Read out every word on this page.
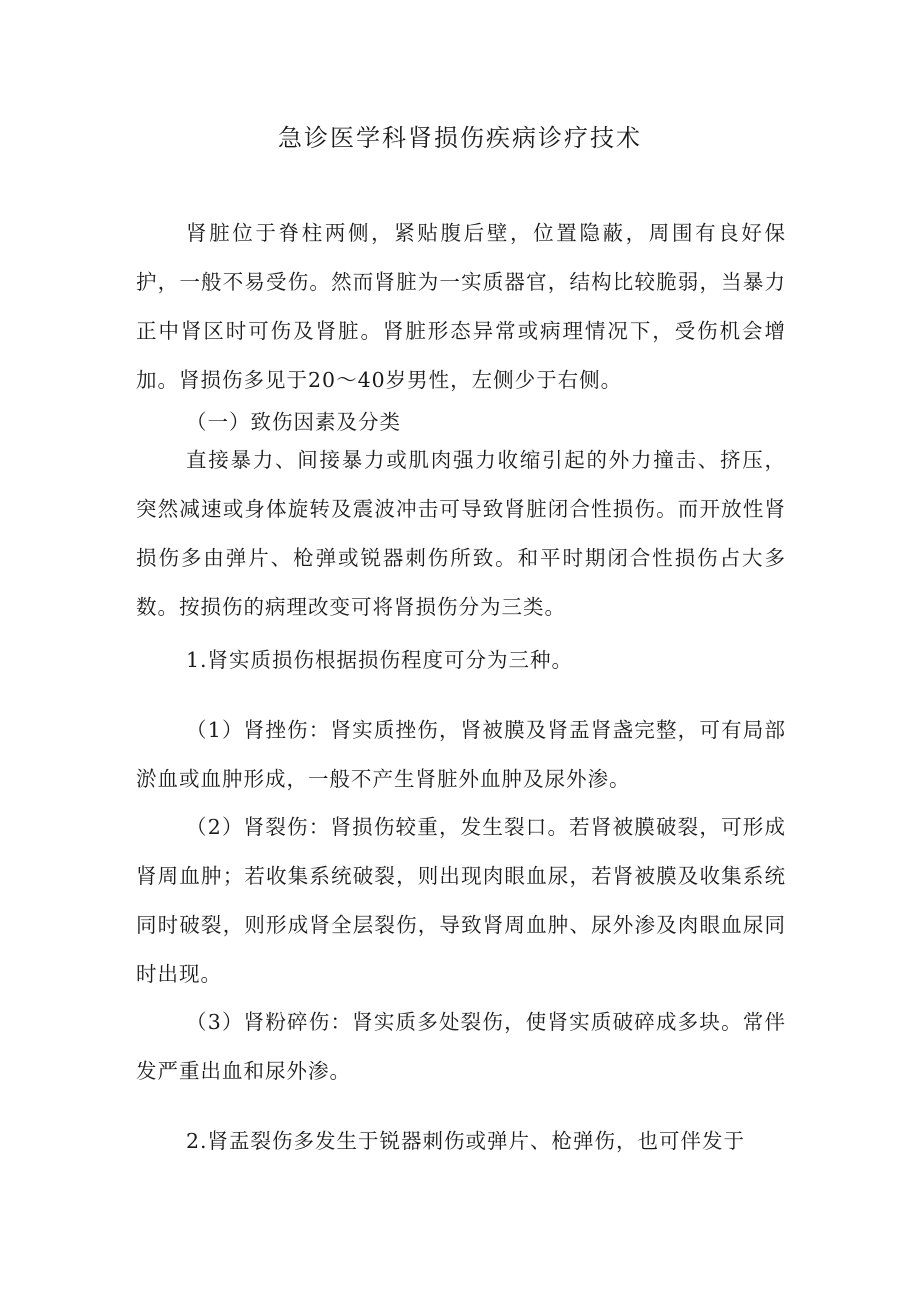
急诊医学科肾损伤疾病诊疗技术

肾脏位于脊柱两侧，紧贴腹后壁，位置隐蔽，周围有良好保护，一般不易受伤。然而肾脏为一实质器官，结构比较脆弱，当暴力正中肾区时可伤及肾脏。肾脏形态异常或病理情况下，受伤机会增加。肾损伤多见于20～40岁男性，左侧少于右侧。

（一）致伤因素及分类

直接暴力、间接暴力或肌肉强力收缩引起的外力撞击、挤压，突然减速或身体旋转及震波冲击可导致肾脏闭合性损伤。而开放性肾损伤多由弹片、枪弹或锐器刺伤所致。和平时期闭合性损伤占大多数。按损伤的病理改变可将肾损伤分为三类。

1.肾实质损伤根据损伤程度可分为三种。

（1）肾挫伤：肾实质挫伤，肾被膜及肾盂肾盏完整，可有局部淤血或血肿形成，一般不产生肾脏外血肿及尿外渗。

（2）肾裂伤：肾损伤较重，发生裂口。若肾被膜破裂，可形成肾周血肿；若收集系统破裂，则出现肉眼血尿，若肾被膜及收集系统同时破裂，则形成肾全层裂伤，导致肾周血肿、尿外渗及肉眼血尿同时出现。

（3）肾粉碎伤：肾实质多处裂伤，使肾实质破碎成多块。常伴发严重出血和尿外渗。

2.肾盂裂伤多发生于锐器刺伤或弹片、枪弹伤，也可伴发于
